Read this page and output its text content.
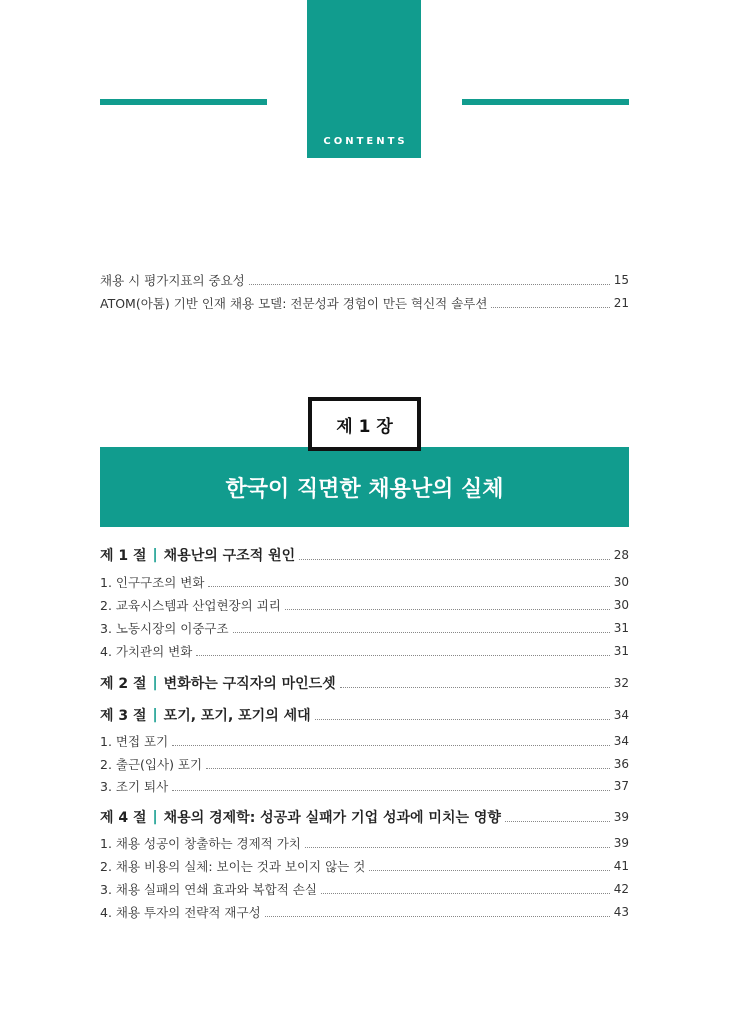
CONTENTS
채용 시 평가지표의 중요성	15
ATOM(아톰) 기반 인재 채용 모델: 전문성과 경험이 만든 혁신적 솔루션	21
제 1 장
한국이 직면한 채용난의 실체
제 1 절 | 채용난의 구조적 원인	28
1. 인구구조의 변화	30
2. 교육시스템과 산업현장의 괴리	30
3. 노동시장의 이중구조	31
4. 가치관의 변화	31
제 2 절 | 변화하는 구직자의 마인드셋	32
제 3 절 | 포기, 포기, 포기의 세대	34
1. 면접 포기	34
2. 출근(입사) 포기	36
3. 조기 퇴사	37
제 4 절 | 채용의 경제학: 성공과 실패가 기업 성과에 미치는 영향	39
1. 채용 성공이 창출하는 경제적 가치	39
2. 채용 비용의 실체: 보이는 것과 보이지 않는 것	41
3. 채용 실패의 연쇄 효과와 복합적 손실	42
4. 채용 투자의 전략적 재구성	43
